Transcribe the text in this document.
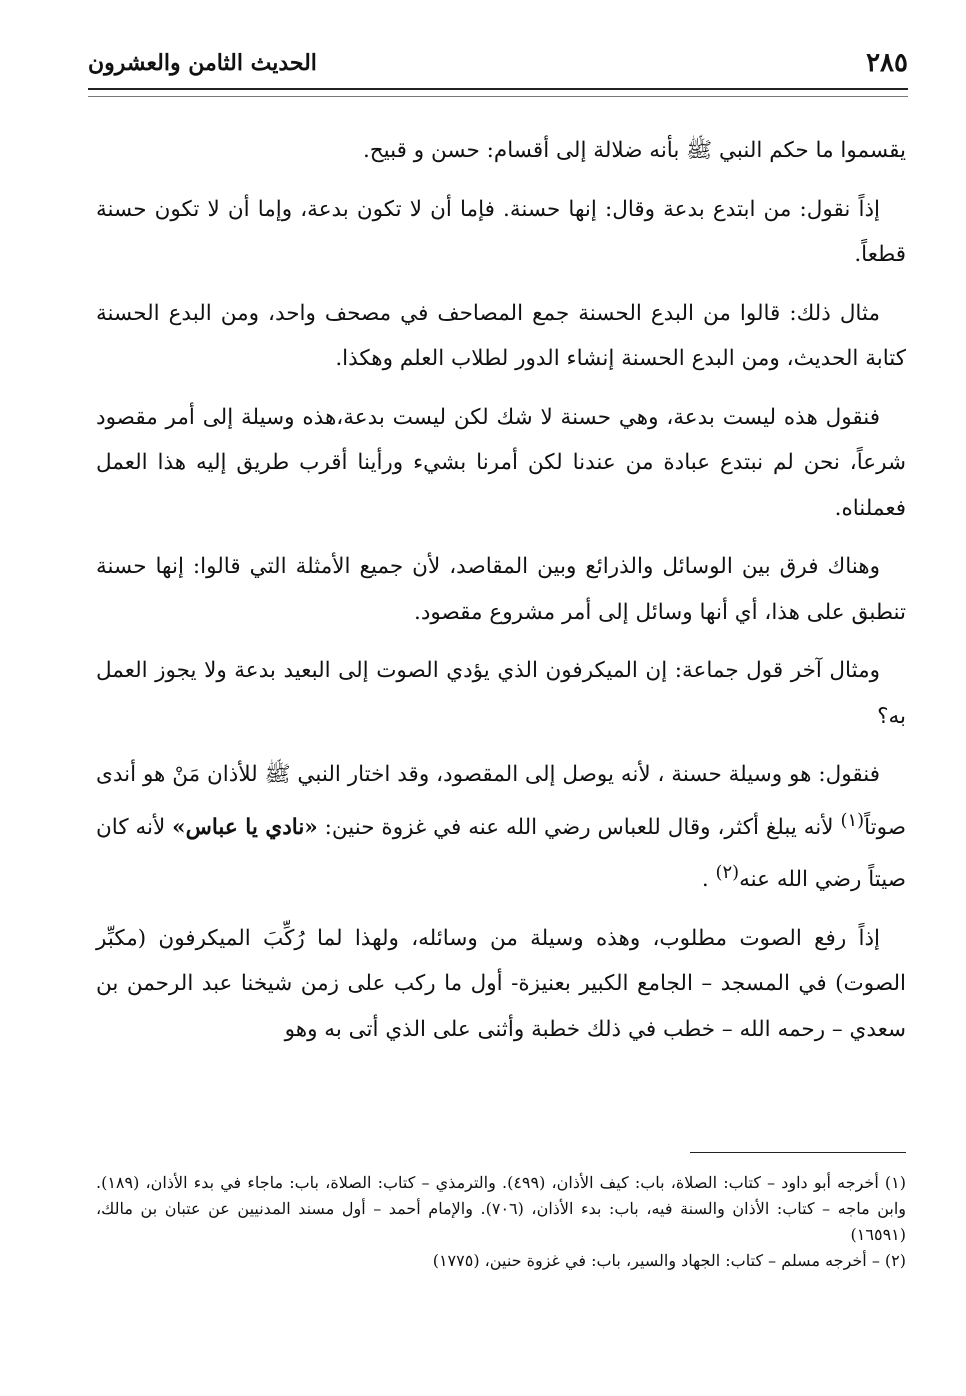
٢٨٥
الحديث الثامن والعشرون

يقسموا ما حكم النبي ﷺ بأنه ضلالة إلى أقسام: حسن و قبيح.

إذاً نقول: من ابتدع بدعة وقال: إنها حسنة. فإما أن لا تكون بدعة، وإما أن لا تكون حسنة قطعاً.

مثال ذلك: قالوا من البدع الحسنة جمع المصاحف في مصحف واحد، ومن البدع الحسنة كتابة الحديث، ومن البدع الحسنة إنشاء الدور لطلاب العلم وهكذا.

فنقول هذه ليست بدعة، وهي حسنة لا شك لكن ليست بدعة،هذه وسيلة إلى أمر مقصود شرعاً، نحن لم نبتدع عبادة من عندنا لكن أمرنا بشيء ورأينا أقرب طريق إليه هذا العمل فعملناه.

وهناك فرق بين الوسائل والذرائع وبين المقاصد، لأن جميع الأمثلة التي قالوا: إنها حسنة تنطبق على هذا، أي أنها وسائل إلى أمر مشروع مقصود.

ومثال آخر قول جماعة: إن الميكرفون الذي يؤدي الصوت إلى البعيد بدعة ولا يجوز العمل به؟

فنقول: هو وسيلة حسنة ، لأنه يوصل إلى المقصود، وقد اختار النبي ﷺ للأذان مَنْ هو أندى صوتاً$^{(١)}$ لأنه يبلغ أكثر، وقال للعباس رضي الله عنه في غزوة حنين: «نادي يا عباس» لأنه كان صيتاً رضي الله عنه$^{(٢)}$ .

إذاً رفع الصوت مطلوب، وهذه وسيلة من وسائله، ولهذا لما رُكِّبَ الميكرفون (مكبِّر الصوت) في المسجد – الجامع الكبير بعنيزة- أول ما ركب على زمن شيخنا عبد الرحمن بن سعدي – رحمه الله – خطب في ذلك خطبة وأثنى على الذي أتى به وهو

(١) أخرجه أبو داود – كتاب: الصلاة، باب: كيف الأذان، (٤٩٩). والترمذي – كتاب: الصلاة، باب: ماجاء في بدء الأذان، (١٨٩). وابن ماجه – كتاب: الأذان والسنة فيه، باب: بدء الأذان، (٧٠٦). والإمام أحمد – أول مسند المدنيين عن عتبان بن مالك، (١٦٥٩١)

(٢) – أخرجه مسلم – كتاب: الجهاد والسير، باب: في غزوة حنين، (١٧٧٥)
